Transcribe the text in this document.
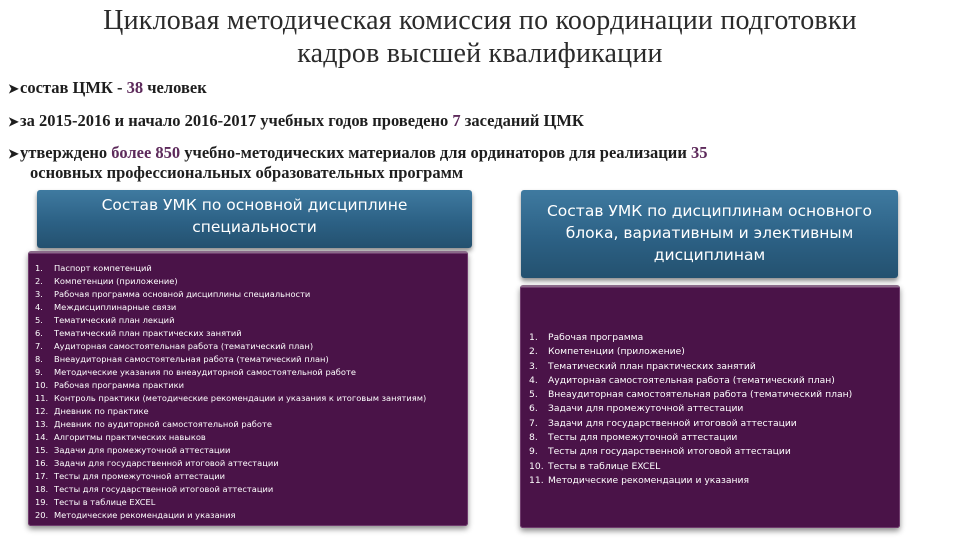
Цикловая методическая комиссия по координации подготовки
кадров высшей квалификации
➤состав ЦМК - 38 человек
➤за 2015-2016 и начало 2016-2017 учебных годов проведено 7 заседаний ЦМК
➤утверждено более 850 учебно-методических материалов для ординаторов для реализации 35
основных профессиональных образовательных программ
Состав УМК по основной дисциплине специальности
1. Паспорт компетенций
2. Компетенции (приложение)
3. Рабочая программа основной дисциплины специальности
4. Междисциплинарные связи
5. Тематический план лекций
6. Тематический план практических занятий
7. Аудиторная самостоятельная работа (тематический план)
8. Внеаудиторная самостоятельная работа (тематический план)
9. Методические указания по внеаудиторной самостоятельной работе
10. Рабочая программа практики
11. Контроль практики (методические рекомендации и указания к итоговым занятиям)
12. Дневник по практике
13. Дневник по аудиторной самостоятельной работе
14. Алгоритмы практических навыков
15. Задачи для промежуточной аттестации
16. Задачи для государственной итоговой аттестации
17. Тесты для промежуточной аттестации
18. Тесты для государственной итоговой аттестации
19. Тесты в таблице EXCEL
20. Методические рекомендации и указания
Состав УМК по дисциплинам основного блока, вариативным и элективным дисциплинам
1. Рабочая программа
2. Компетенции (приложение)
3. Тематический план практических занятий
4. Аудиторная самостоятельная работа (тематический план)
5. Внеаудиторная самостоятельная работа (тематический план)
6. Задачи для промежуточной аттестации
7. Задачи для государственной итоговой аттестации
8. Тесты для промежуточной аттестации
9. Тесты для государственной итоговой аттестации
10. Тесты в таблице EXCEL
11. Методические рекомендации и указания
